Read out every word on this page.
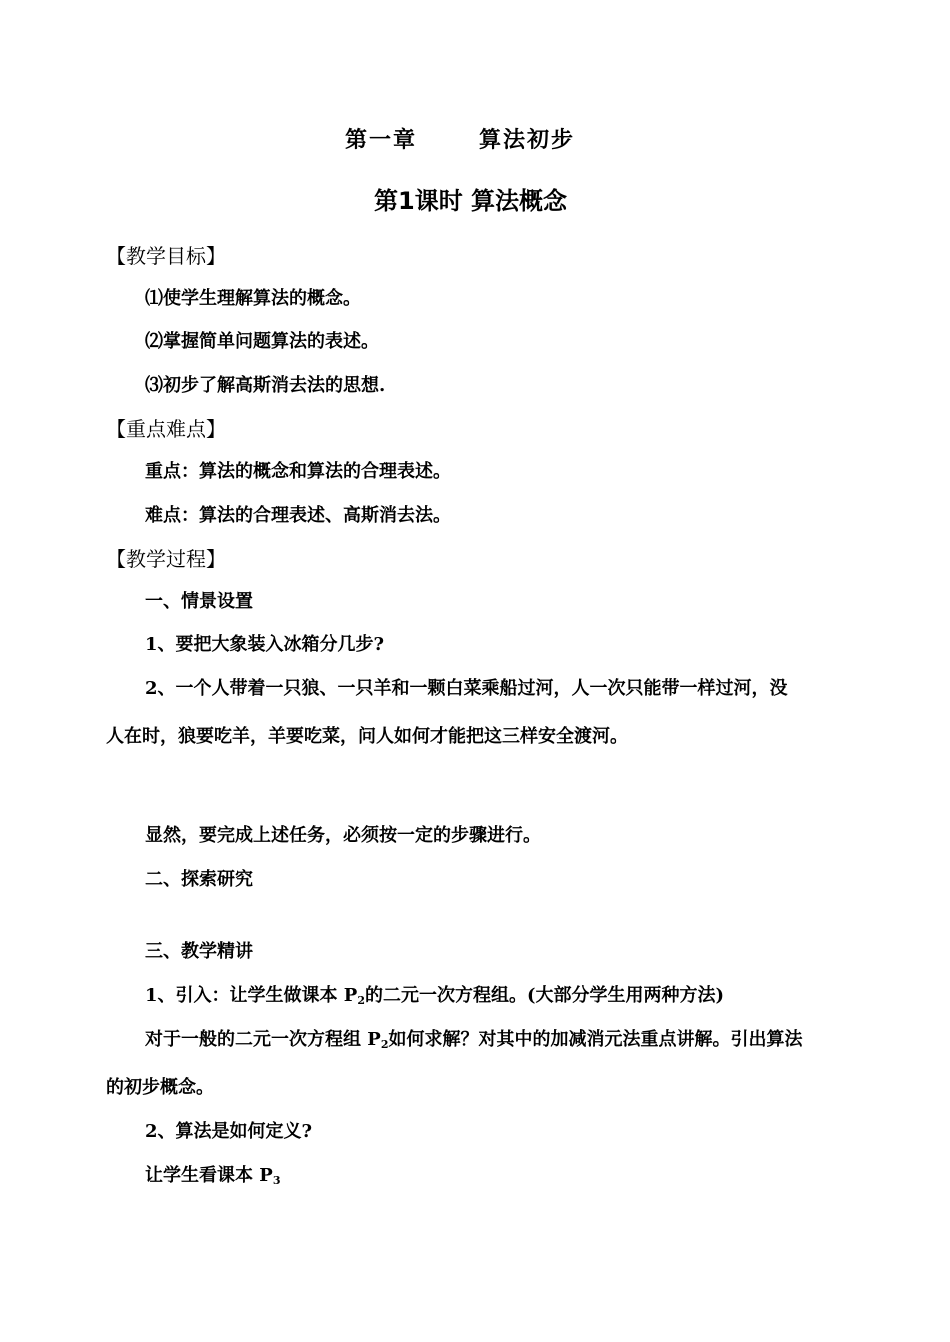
第一章	算法初步
第1课时 算法概念
【教学目标】
⑴使学生理解算法的概念。
⑵掌握简单问题算法的表述。
⑶初步了解高斯消去法的思想.
【重点难点】
重点：算法的概念和算法的合理表述。
难点：算法的合理表述、高斯消去法。
【教学过程】
一、情景设置
1、要把大象装入冰箱分几步?
2、一个人带着一只狼、一只羊和一颗白菜乘船过河，人一次只能带一样过河，没
人在时，狼要吃羊，羊要吃菜，问人如何才能把这三样安全渡河。
显然，要完成上述任务，必须按一定的步骤进行。
二、探索研究
三、教学精讲
1、引入：让学生做课本 $P_2$的二元一次方程组。(大部分学生用两种方法)
对于一般的二元一次方程组 $P_2$如何求解？对其中的加减消元法重点讲解。引出算法
的初步概念。
2、算法是如何定义?
让学生看课本 $P_3$
